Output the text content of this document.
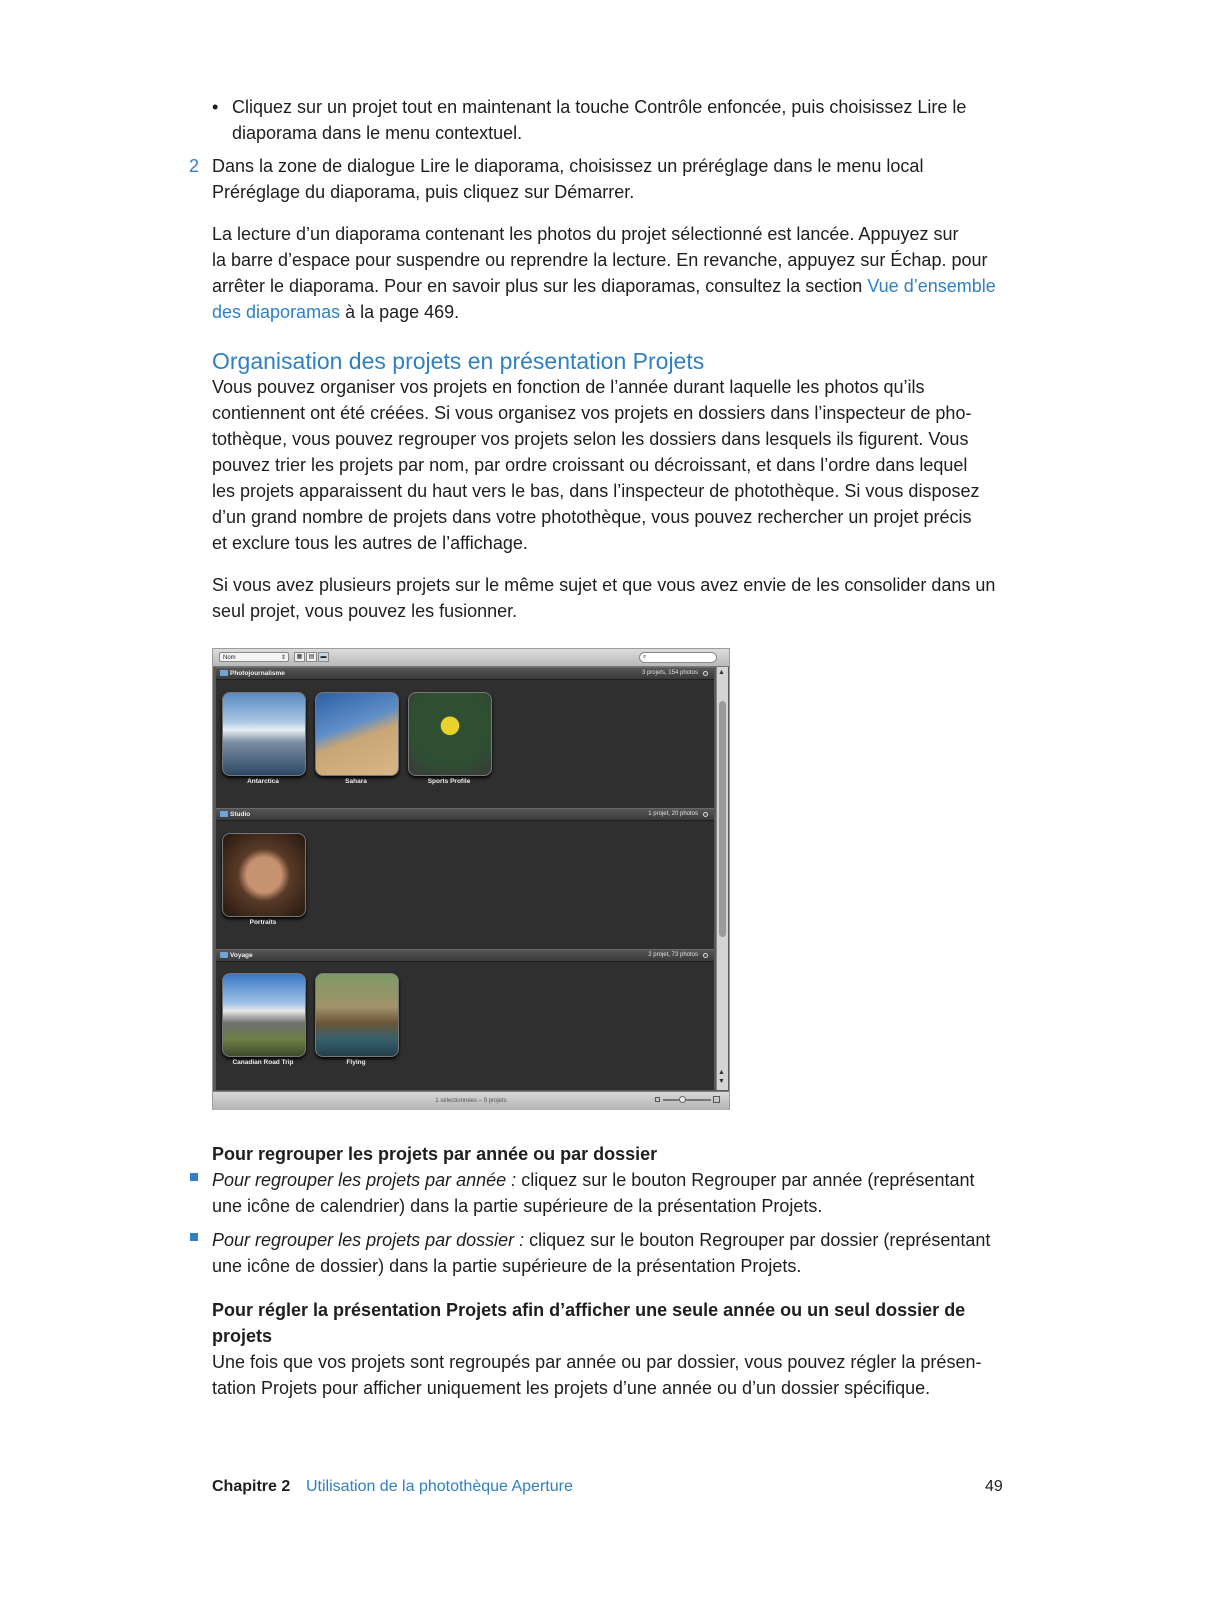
• Cliquez sur un projet tout en maintenant la touche Contrôle enfoncée, puis choisissez Lire le
diaporama dans le menu contextuel.

2 Dans la zone de dialogue Lire le diaporama, choisissez un préréglage dans le menu local
Préréglage du diaporama, puis cliquez sur Démarrer.

La lecture d’un diaporama contenant les photos du projet sélectionné est lancée. Appuyez sur
la barre d’espace pour suspendre ou reprendre la lecture. En revanche, appuyez sur Échap. pour
arrêter le diaporama. Pour en savoir plus sur les diaporamas, consultez la section Vue d’ensemble
des diaporamas à la page 469.

Organisation des projets en présentation Projets

Vous pouvez organiser vos projets en fonction de l’année durant laquelle les photos qu’ils
contiennent ont été créées. Si vous organisez vos projets en dossiers dans l’inspecteur de pho-
tothèque, vous pouvez regrouper vos projets selon les dossiers dans lesquels ils figurent. Vous
pouvez trier les projets par nom, par ordre croissant ou décroissant, et dans l’ordre dans lequel
les projets apparaissent du haut vers le bas, dans l’inspecteur de photothèque. Si vous disposez
d’un grand nombre de projets dans votre photothèque, vous pouvez rechercher un projet précis
et exclure tous les autres de l’affichage.

Si vous avez plusieurs projets sur le même sujet et que vous avez envie de les consolider dans un
seul projet, vous pouvez les fusionner.

Nom	⇕	▦	▤	▬	⌕
Photojournalisme	3 projets, 154 photos
Antarctica	Sahara	Sports Profile
Studio	1 projet, 20 photos
Portraits
Voyage	2 projet, 73 photos
Canadian Road Trip	Flying
▲
▲
▼
1 sélectionnées – 9 projets

Pour regrouper les projets par année ou par dossier

Pour regrouper les projets par année : cliquez sur le bouton Regrouper par année (représentant
une icône de calendrier) dans la partie supérieure de la présentation Projets.

Pour regrouper les projets par dossier : cliquez sur le bouton Regrouper par dossier (représentant
une icône de dossier) dans la partie supérieure de la présentation Projets.

Pour régler la présentation Projets afin d’afficher une seule année ou un seul dossier de
projets

Une fois que vos projets sont regroupés par année ou par dossier, vous pouvez régler la présen-
tation Projets pour afficher uniquement les projets d’une année ou d’un dossier spécifique.

Chapitre 2 Utilisation de la photothèque Aperture	49
